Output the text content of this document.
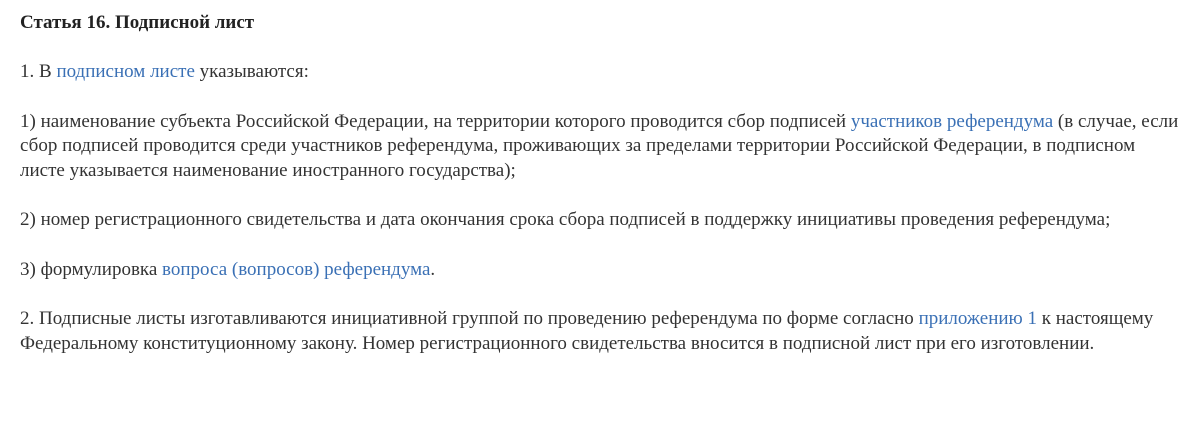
Статья 16. Подписной лист
1. В подписном листе указываются:
1) наименование субъекта Российской Федерации, на территории которого проводится сбор подписей участников референдума (в случае, если сбор подписей проводится среди участников референдума, проживающих за пределами территории Российской Федерации, в подписном листе указывается наименование иностранного государства);
2) номер регистрационного свидетельства и дата окончания срока сбора подписей в поддержку инициативы проведения референдума;
3) формулировка вопроса (вопросов) референдума.
2. Подписные листы изготавливаются инициативной группой по проведению референдума по форме согласно приложению 1 к настоящему Федеральному конституционному закону. Номер регистрационного свидетельства вносится в подписной лист при его изготовлении.
